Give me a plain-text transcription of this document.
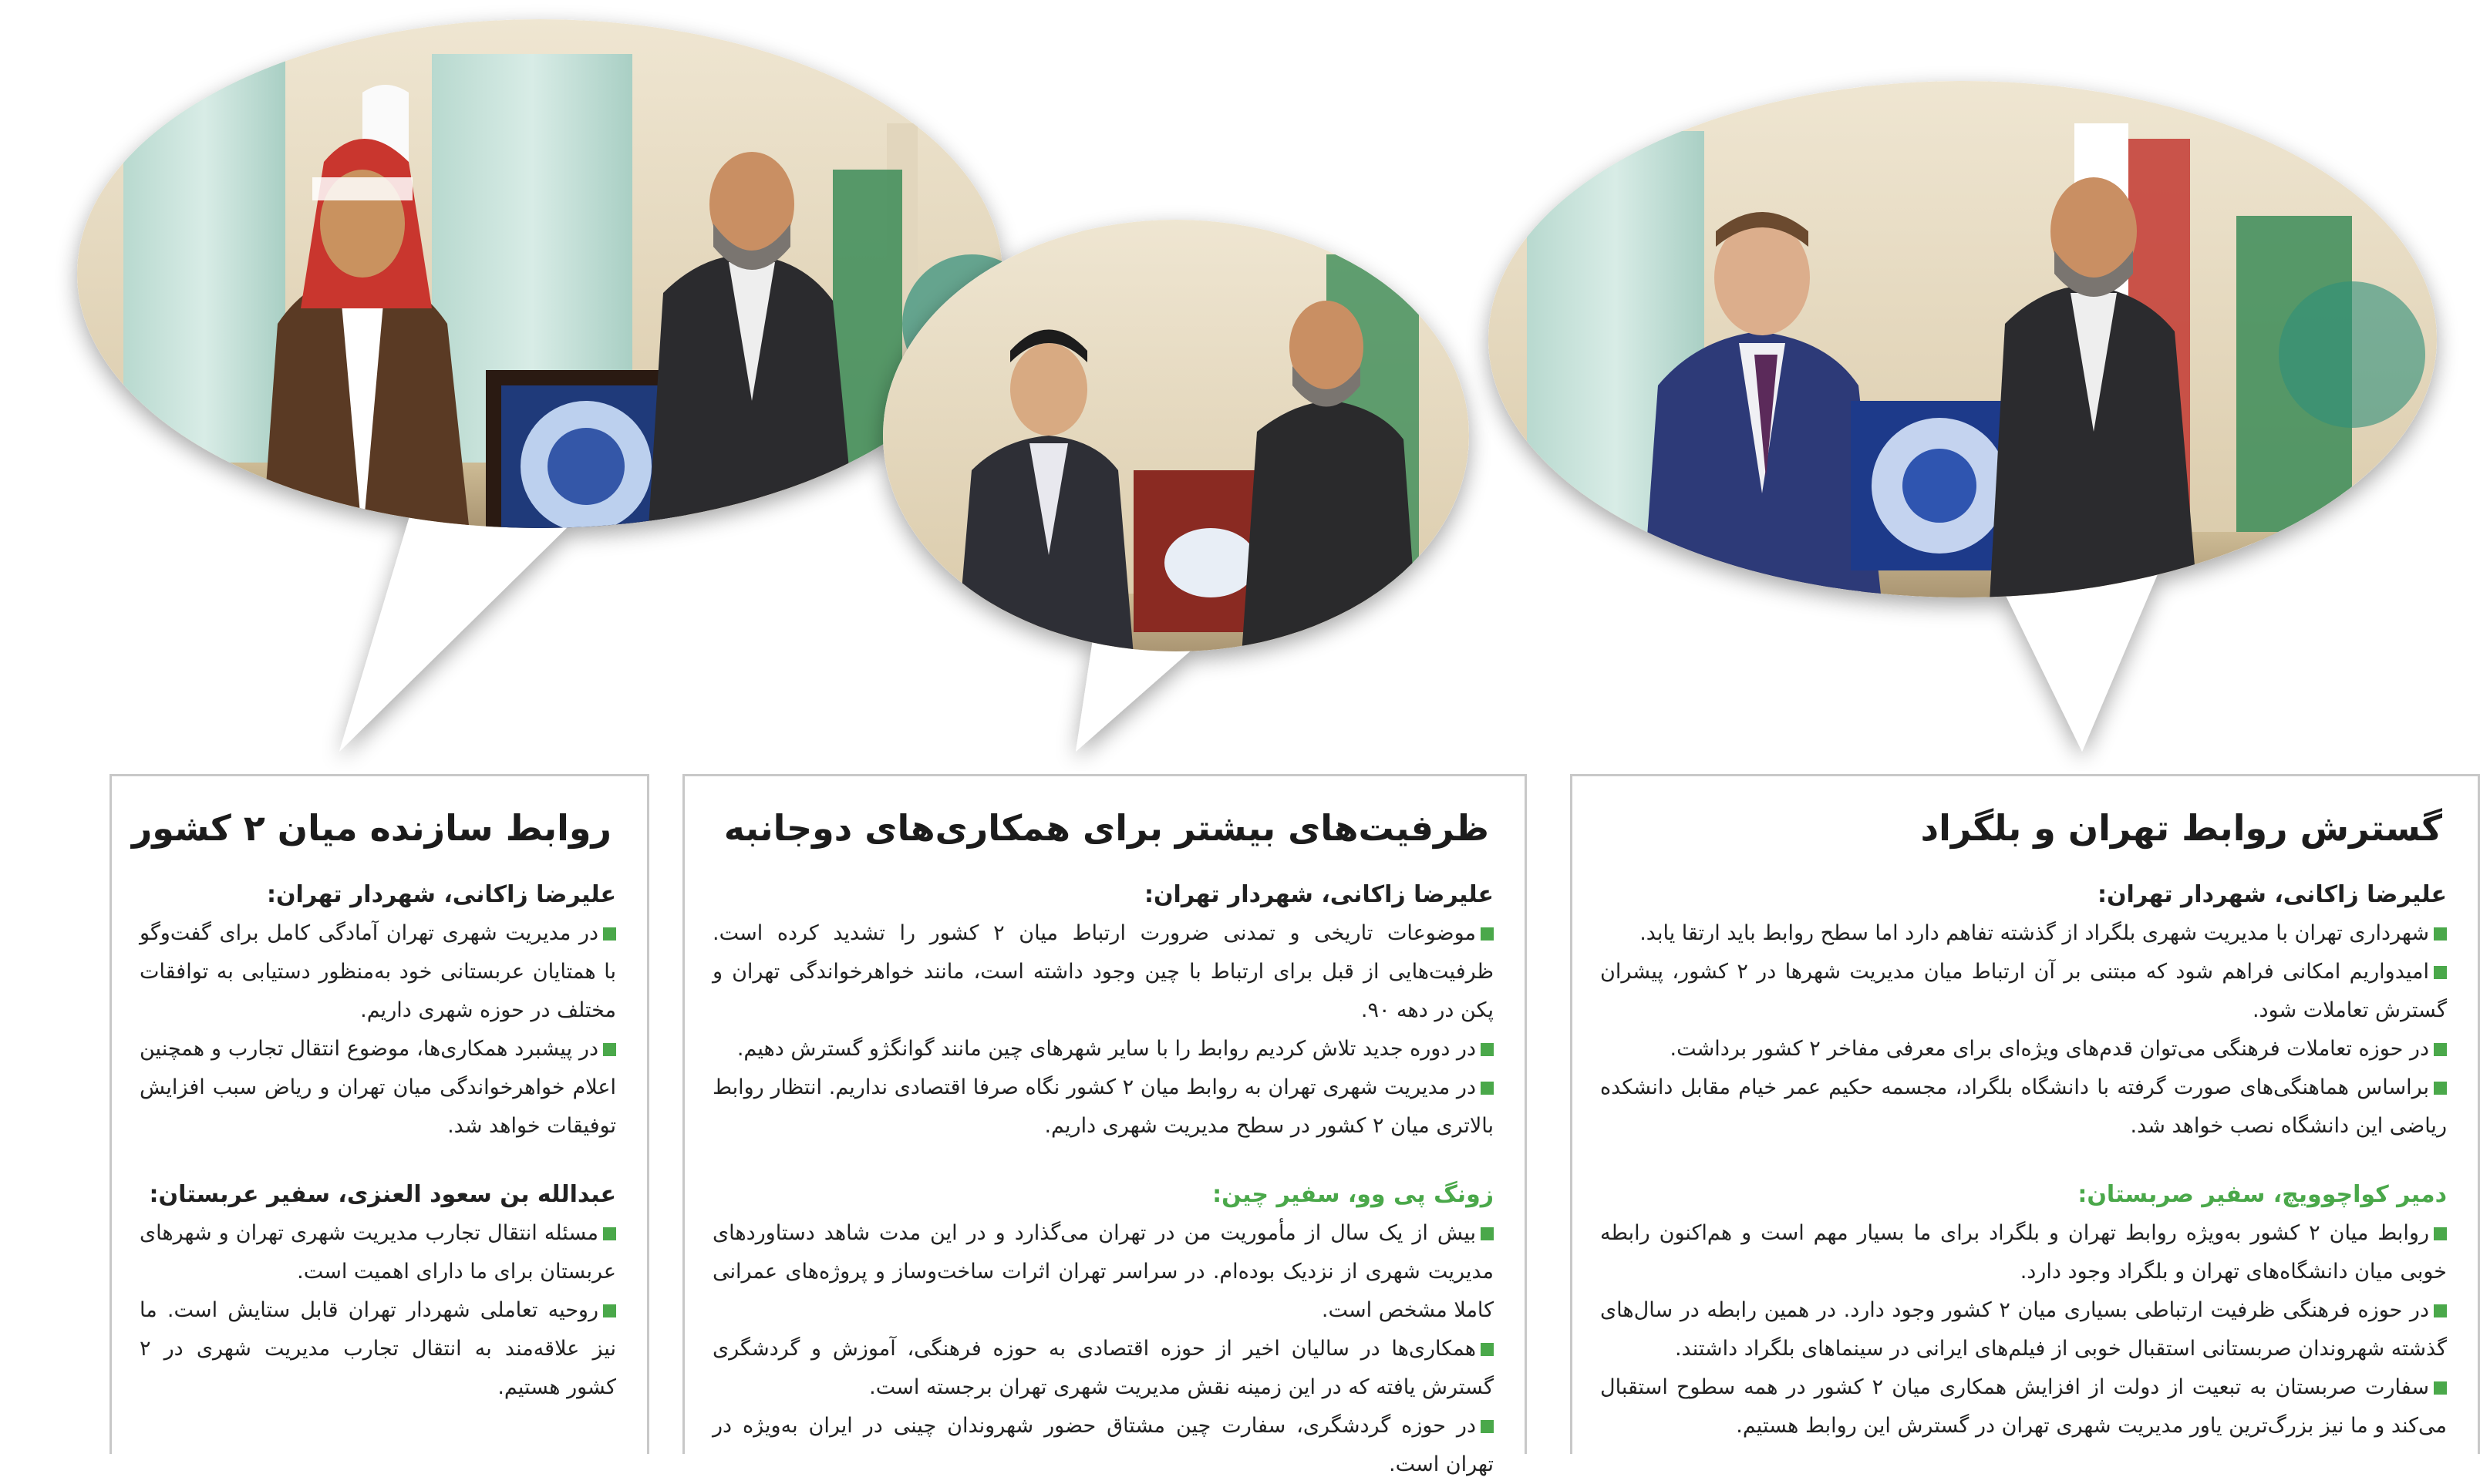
گسترش روابط تهران و بلگراد

علیرضا زاکانی، شهردار تهران:

شهرداری تهران با مدیریت شهری بلگراد از گذشته تفاهم دارد اما سطح روابط باید ارتقا یابد.

امیدواریم امکانی فراهم شود که مبتنی بر آن ارتباط میان مدیریت شهرها در ۲ کشور، پیشران گسترش تعاملات شود.

در حوزه تعاملات فرهنگی می‌توان قدم‌های ویژه‌ای برای معرفی مفاخر ۲ کشور برداشت.

براساس هماهنگی‌های صورت گرفته با دانشگاه بلگراد، مجسمه حکیم عمر خیام مقابل دانشکده ریاضی این دانشگاه نصب خواهد شد.

دمیر کواچوویچ، سفیر صربستان:

روابط میان ۲ کشور به‌ویژه روابط تهران و بلگراد برای ما بسیار مهم است و هم‌اکنون رابطه خوبی میان دانشگاه‌های تهران و بلگراد وجود دارد.

در حوزه فرهنگی ظرفیت ارتباطی بسیاری میان ۲ کشور وجود دارد. در همین رابطه در سال‌های گذشته شهروندان صربستانی استقبال خوبی از فیلم‌های ایرانی در سینماهای بلگراد داشتند.

سفارت صربستان به تبعیت از دولت از افزایش همکاری میان ۲ کشور در همه سطوح استقبال می‌کند و ما نیز بزرگ‌ترین یاور مدیریت شهری تهران در گسترش این روابط هستیم.

ظرفیت‌های بیشتر برای همکاری‌های دوجانبه

علیرضا زاکانی، شهردار تهران:

موضوعات تاریخی و تمدنی ضرورت ارتباط میان ۲ کشور را تشدید کرده است. ظرفیت‌هایی از قبل برای ارتباط با چین وجود داشته است، مانند خواهرخواندگی تهران و پکن در دهه ۹۰.

در دوره جدید تلاش کردیم روابط را با سایر شهرهای چین مانند گوانگژو گسترش دهیم.

در مدیریت شهری تهران به روابط میان ۲ کشور نگاه صرفا اقتصادی نداریم. انتظار روابط بالاتری میان ۲ کشور در سطح مدیریت شهری داریم.

زونگ پی وو، سفیر چین:

بیش از یک سال از مأموریت من در تهران می‌گذارد و در این مدت شاهد دستاوردهای مدیریت شهری از نزدیک بوده‌ام. در سراسر تهران اثرات ساخت‌وساز و پروژه‌های عمرانی کاملا مشخص است.

همکاری‌ها در سالیان اخیر از حوزه اقتصادی به حوزه فرهنگی، آموزش و گردشگری گسترش یافته که در این زمینه نقش مدیریت شهری تهران برجسته است.

در حوزه گردشگری، سفارت چین مشتاق حضور شهروندان چینی در ایران به‌ویژه در تهران است.

روابط سازنده میان ۲ کشور

علیرضا زاکانی، شهردار تهران:

در مدیریت شهری تهران آمادگی کامل برای گفت‌وگو با همتایان عربستانی خود به‌منظور دستیابی به توافقات مختلف در حوزه شهری داریم.

در پیشبرد همکاری‌ها، موضوع انتقال تجارب و همچنین اعلام خواهرخواندگی میان تهران و ریاض سبب افزایش توفیقات خواهد شد.

عبدالله بن سعود العنزی، سفیر عربستان:

مسئله انتقال تجارب مدیریت شهری تهران و شهرهای عربستان برای ما دارای اهمیت است.

روحیه تعاملی شهردار تهران قابل ستایش است. ما نیز علاقه‌مند به انتقال تجارب مدیریت شهری در ۲ کشور هستیم.
